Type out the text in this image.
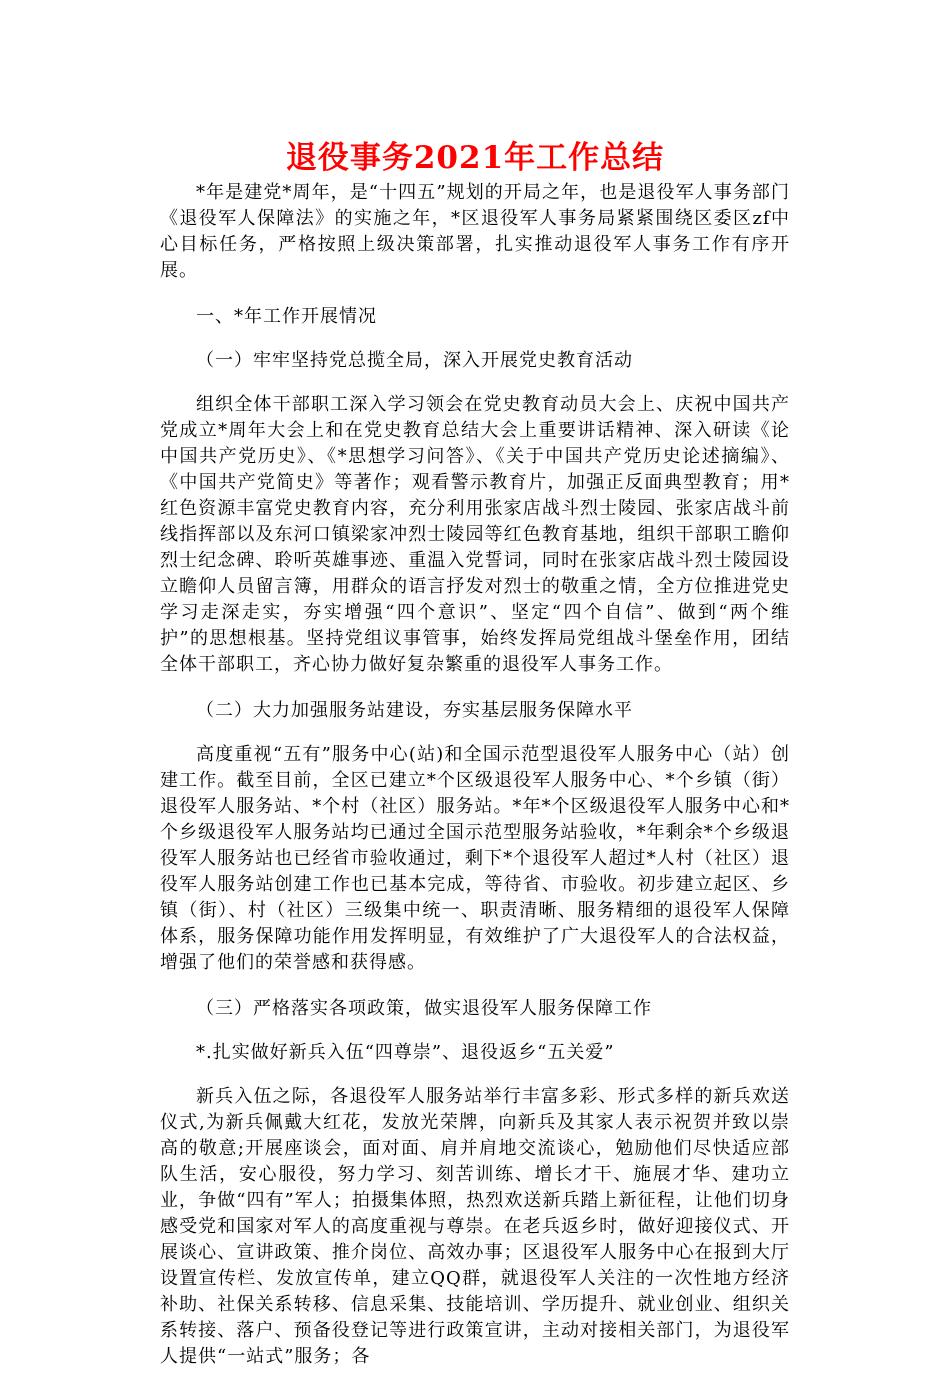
退役事务2021年工作总结

*年是建党*周年，是“十四五”规划的开局之年，也是退役军人事务部门《退役军人保障法》的实施之年，*区退役军人事务局紧紧围绕区委区zf中心目标任务，严格按照上级决策部署，扎实推动退役军人事务工作有序开展。

一、*年工作开展情况

（一）牢牢坚持党总揽全局，深入开展党史教育活动

组织全体干部职工深入学习领会在党史教育动员大会上、庆祝中国共产党成立*周年大会上和在党史教育总结大会上重要讲话精神、深入研读《论中国共产党历史》、《*思想学习问答》、《关于中国共产党历史论述摘编》、《中国共产党简史》等著作；观看警示教育片，加强正反面典型教育；用*红色资源丰富党史教育内容，充分利用张家店战斗烈士陵园、张家店战斗前线指挥部以及东河口镇梁家冲烈士陵园等红色教育基地，组织干部职工瞻仰烈士纪念碑、聆听英雄事迹、重温入党誓词，同时在张家店战斗烈士陵园设立瞻仰人员留言簿，用群众的语言抒发对烈士的敬重之情，全方位推进党史学习走深走实，夯实增强“四个意识”、坚定“四个自信”、做到“两个维护”的思想根基。坚持党组议事管事，始终发挥局党组战斗堡垒作用，团结全体干部职工，齐心协力做好复杂繁重的退役军人事务工作。

（二）大力加强服务站建设，夯实基层服务保障水平

高度重视“五有”服务中心(站)和全国示范型退役军人服务中心（站）创建工作。截至目前，全区已建立*个区级退役军人服务中心、*个乡镇（街）退役军人服务站、*个村（社区）服务站。*年*个区级退役军人服务中心和*个乡级退役军人服务站均已通过全国示范型服务站验收，*年剩余*个乡级退役军人服务站也已经省市验收通过，剩下*个退役军人超过*人村（社区）退役军人服务站创建工作也已基本完成，等待省、市验收。初步建立起区、乡镇（街）、村（社区）三级集中统一、职责清晰、服务精细的退役军人保障体系，服务保障功能作用发挥明显，有效维护了广大退役军人的合法权益，增强了他们的荣誉感和获得感。

（三）严格落实各项政策，做实退役军人服务保障工作

*.扎实做好新兵入伍“四尊崇”、退役返乡“五关爱”

新兵入伍之际，各退役军人服务站举行丰富多彩、形式多样的新兵欢送仪式,为新兵佩戴大红花，发放光荣牌，向新兵及其家人表示祝贺并致以崇高的敬意;开展座谈会，面对面、肩并肩地交流谈心，勉励他们尽快适应部队生活，安心服役，努力学习、刻苦训练、增长才干、施展才华、建功立业，争做“四有”军人；拍摄集体照，热烈欢送新兵踏上新征程，让他们切身感受党和国家对军人的高度重视与尊崇。在老兵返乡时，做好迎接仪式、开展谈心、宣讲政策、推介岗位、高效办事；区退役军人服务中心在报到大厅设置宣传栏、发放宣传单，建立QQ群，就退役军人关注的一次性地方经济补助、社保关系转移、信息采集、技能培训、学历提升、就业创业、组织关系转接、落户、预备役登记等进行政策宣讲，主动对接相关部门，为退役军人提供“一站式”服务；各
